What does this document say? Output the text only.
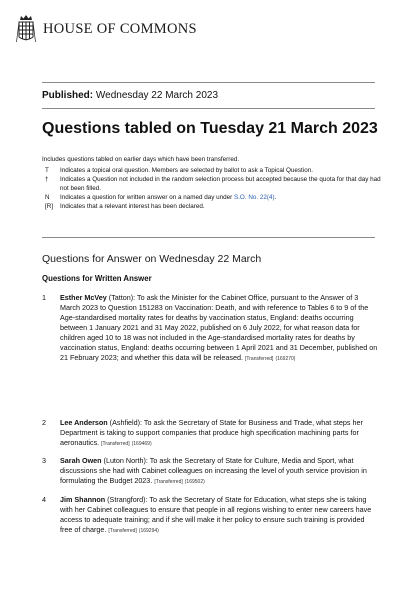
HOUSE OF COMMONS
Published: Wednesday 22 March 2023
Questions tabled on Tuesday 21 March 2023
Includes questions tabled on earlier days which have been transferred.
T	Indicates a topical oral question. Members are selected by ballot to ask a Topical Question.
†	Indicates a Question not included in the random selection process but accepted because the quota for that day had not been filled.
N	Indicates a question for written answer on a named day under S.O. No. 22(4).
[R]	Indicates that a relevant interest has been declared.
Questions for Answer on Wednesday 22 March
Questions for Written Answer
1	Esther McVey (Tatton): To ask the Minister for the Cabinet Office, pursuant to the Answer of 3 March 2023 to Question 151283 on Vaccination: Death, and with reference to Tables 6 to 9 of the Age-standardised mortality rates for deaths by vaccination status, England: deaths occurring between 1 January 2021 and 31 May 2022, published on 6 July 2022, for what reason data for children aged 10 to 18 was not included in the Age-standardised mortality rates for deaths by vaccination status, England: deaths occurring between 1 April 2021 and 31 December, published on 21 February 2023; and whether this data will be released. [Transferred] (169270)
2	Lee Anderson (Ashfield): To ask the Secretary of State for Business and Trade, what steps her Department is taking to support companies that produce high specification machining parts for aeronautics. [Transferred] (169469)
3	Sarah Owen (Luton North): To ask the Secretary of State for Culture, Media and Sport, what discussions she had with Cabinet colleagues on increasing the level of youth service provision in formulating the Budget 2023. [Transferred] (169502)
4	Jim Shannon (Strangford): To ask the Secretary of State for Education, what steps she is taking with her Cabinet colleagues to ensure that people in all regions wishing to enter new careers have access to adequate training; and if she will make it her policy to ensure such training is provided free of charge. [Transferred] (169294)
